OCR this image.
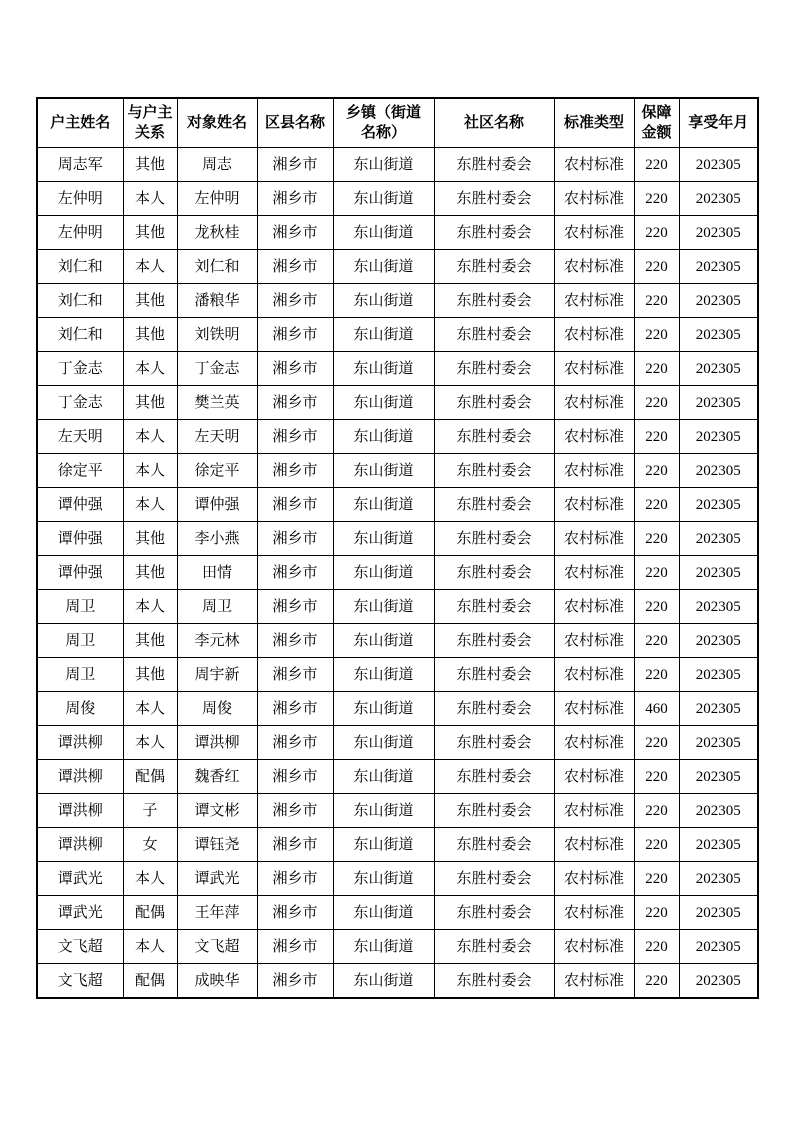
户主姓名	与户主关系	对象姓名	区县名称	乡镇（街道名称）	社区名称	标准类型	保障金额	享受年月
周志军	其他	周志	湘乡市	东山街道	东胜村委会	农村标准	220	202305
左仲明	本人	左仲明	湘乡市	东山街道	东胜村委会	农村标准	220	202305
左仲明	其他	龙秋桂	湘乡市	东山街道	东胜村委会	农村标准	220	202305
刘仁和	本人	刘仁和	湘乡市	东山街道	东胜村委会	农村标准	220	202305
刘仁和	其他	潘粮华	湘乡市	东山街道	东胜村委会	农村标准	220	202305
刘仁和	其他	刘铁明	湘乡市	东山街道	东胜村委会	农村标准	220	202305
丁金志	本人	丁金志	湘乡市	东山街道	东胜村委会	农村标准	220	202305
丁金志	其他	樊兰英	湘乡市	东山街道	东胜村委会	农村标准	220	202305
左天明	本人	左天明	湘乡市	东山街道	东胜村委会	农村标准	220	202305
徐定平	本人	徐定平	湘乡市	东山街道	东胜村委会	农村标准	220	202305
谭仲强	本人	谭仲强	湘乡市	东山街道	东胜村委会	农村标准	220	202305
谭仲强	其他	李小燕	湘乡市	东山街道	东胜村委会	农村标准	220	202305
谭仲强	其他	田情	湘乡市	东山街道	东胜村委会	农村标准	220	202305
周卫	本人	周卫	湘乡市	东山街道	东胜村委会	农村标准	220	202305
周卫	其他	李元林	湘乡市	东山街道	东胜村委会	农村标准	220	202305
周卫	其他	周宇新	湘乡市	东山街道	东胜村委会	农村标准	220	202305
周俊	本人	周俊	湘乡市	东山街道	东胜村委会	农村标准	460	202305
谭洪柳	本人	谭洪柳	湘乡市	东山街道	东胜村委会	农村标准	220	202305
谭洪柳	配偶	魏香红	湘乡市	东山街道	东胜村委会	农村标准	220	202305
谭洪柳	子	谭文彬	湘乡市	东山街道	东胜村委会	农村标准	220	202305
谭洪柳	女	谭钰尧	湘乡市	东山街道	东胜村委会	农村标准	220	202305
谭武光	本人	谭武光	湘乡市	东山街道	东胜村委会	农村标准	220	202305
谭武光	配偶	王年萍	湘乡市	东山街道	东胜村委会	农村标准	220	202305
文飞超	本人	文飞超	湘乡市	东山街道	东胜村委会	农村标准	220	202305
文飞超	配偶	成映华	湘乡市	东山街道	东胜村委会	农村标准	220	202305
